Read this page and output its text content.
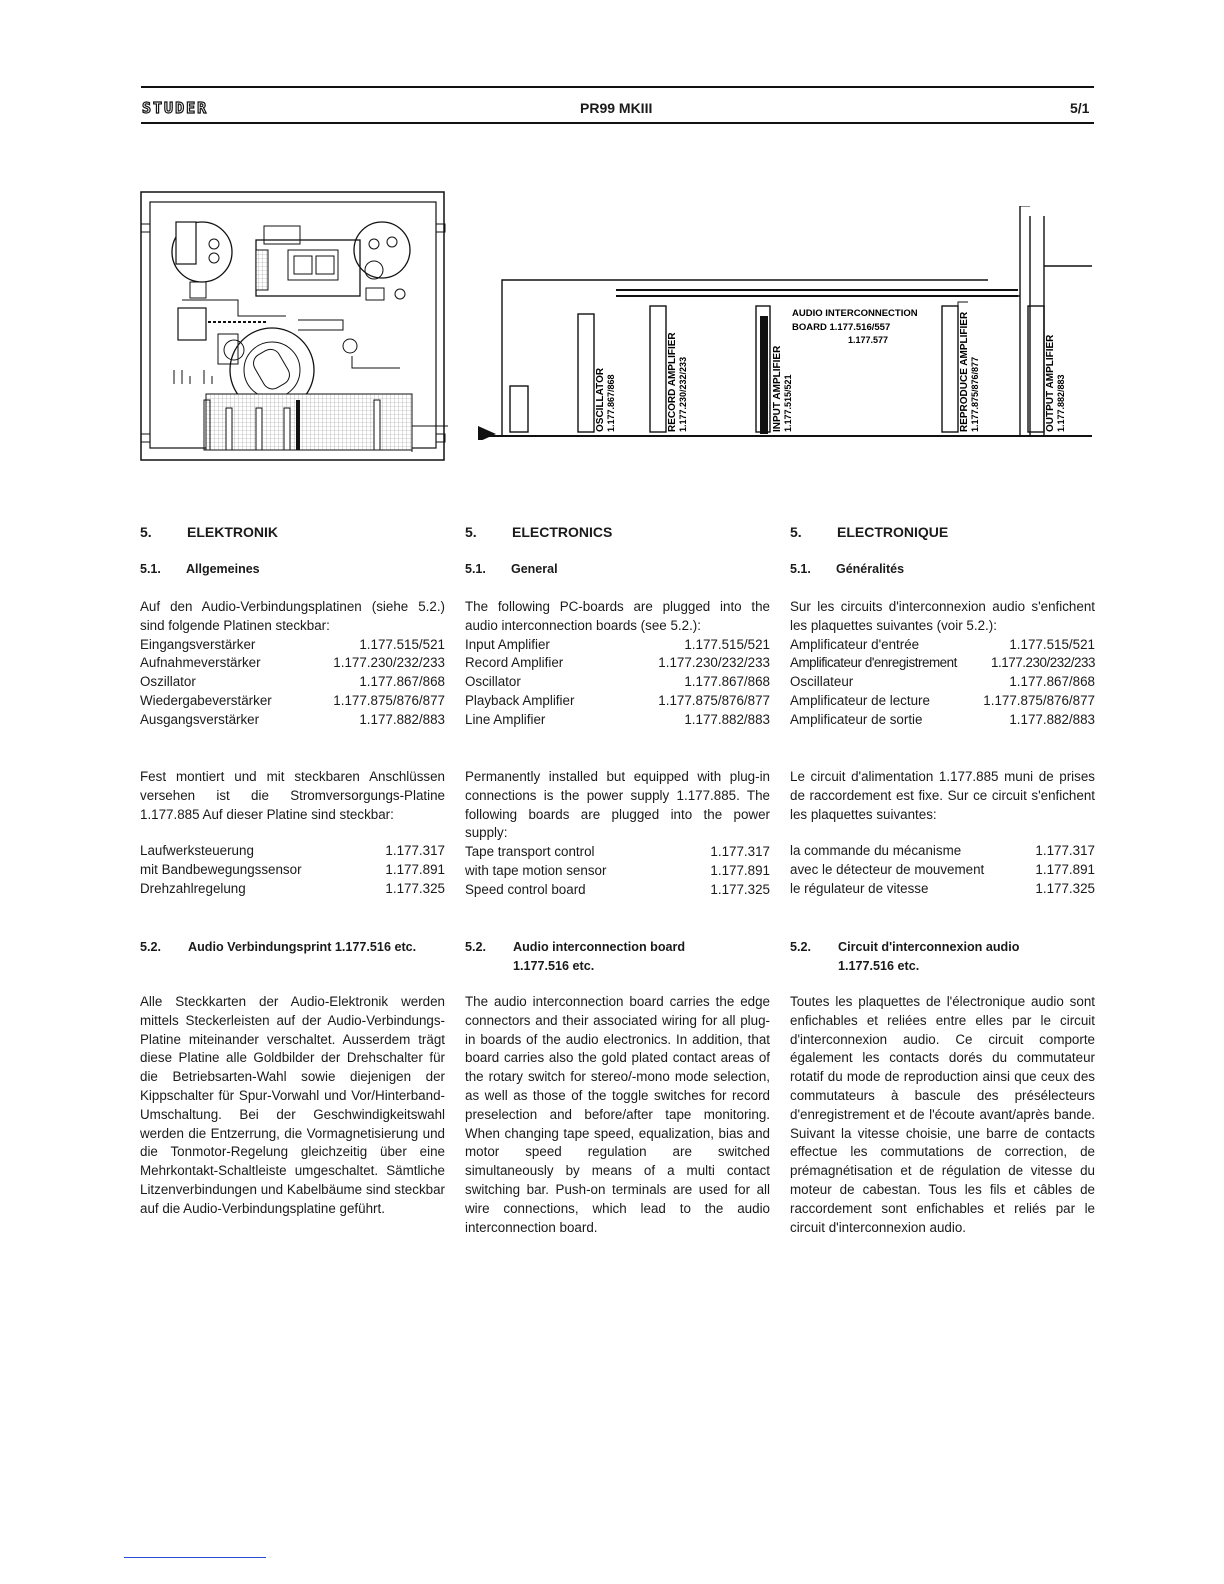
STUDER	PR99 MKIII	5/1
AUDIO INTERCONNECTION
BOARD 1.177.516/557
1.177.577
OSCILLATOR 1.177.867/868	RECORD AMPLIFIER 1.177.230/232/233	INPUT AMPLIFIER 1.177.515/521	REPRODUCE AMPLIFIER 1.177.875/876/877	OUTPUT AMPLIFIER 1.177.882/883
5.	ELEKTRONIK
5.1. Allgemeines

Auf den Audio-Verbindungsplatinen (siehe 5.2.) sind folgende Platinen steckbar:

Eingangsverstärker	1.177.515/521
Aufnahmeverstärker	1.177.230/232/233
Oszillator	1.177.867/868
Wiedergabeverstärker	1.177.875/876/877
Ausgangsverstärker	1.177.882/883

Fest montiert und mit steckbaren Anschlüssen versehen ist die Stromversorgungs-Platine 1.177.885 Auf dieser Platine sind steckbar:

Laufwerksteuerung	1.177.317
mit Bandbewegungssensor	1.177.891
Drehzahlregelung	1.177.325
5.2. Audio Verbindungsprint 1.177.516 etc.

Alle Steckkarten der Audio-Elektronik werden mittels Steckerleisten auf der Audio-Verbindungs-Platine miteinander verschaltet. Ausserdem trägt diese Platine alle Goldbilder der Drehschalter für die Betriebsarten-Wahl sowie diejenigen der Kippschalter für Spur-Vorwahl und Vor/Hinterband-Umschaltung. Bei der Geschwindigkeitswahl werden die Entzerrung, die Vormagnetisierung und die Tonmotor-Regelung gleichzeitig über eine Mehrkontakt-Schaltleiste umgeschaltet. Sämtliche Litzenverbindungen und Kabelbäume sind steckbar auf die Audio-Verbindungsplatine geführt.

5.	ELECTRONICS
5.1. General

The following PC-boards are plugged into the audio interconnection boards (see 5.2.):

Input Amplifier	1.177.515/521
Record Amplifier	1.177.230/232/233
Oscillator	1.177.867/868
Playback Amplifier	1.177.875/876/877
Line Amplifier	1.177.882/883

Permanently installed but equipped with plug-in connections is the power supply 1.177.885. The following boards are plugged into the power supply:

Tape transport control	1.177.317
with tape motion sensor	1.177.891
Speed control board	1.177.325
5.2. Audio interconnection board
1.177.516 etc.

The audio interconnection board carries the edge connectors and their associated wiring for all plug-in boards of the audio electronics. In addition, that board carries also the gold plated contact areas of the rotary switch for stereo/-mono mode selection, as well as those of the toggle switches for record preselection and before/after tape monitoring. When changing tape speed, equalization, bias and motor speed regulation are switched simultaneously by means of a multi contact switching bar. Push-on terminals are used for all wire connections, which lead to the audio interconnection board.

5.	ELECTRONIQUE
5.1. Généralités

Sur les circuits d'interconnexion audio s'enfichent les plaquettes suivantes (voir 5.2.):

Amplificateur d'entrée	1.177.515/521
Amplificateur d'enregistrement	1.177.230/232/233
Oscillateur	1.177.867/868
Amplificateur de lecture	1.177.875/876/877
Amplificateur de sortie	1.177.882/883

Le circuit d'alimentation 1.177.885 muni de prises de raccordement est fixe. Sur ce circuit s'enfichent les plaquettes suivantes:

la commande du mécanisme	1.177.317
avec le détecteur de mouvement	1.177.891
le régulateur de vitesse	1.177.325
5.2. Circuit d'interconnexion audio
1.177.516 etc.

Toutes les plaquettes de l'électronique audio sont enfichables et reliées entre elles par le circuit d'interconnexion audio. Ce circuit comporte également les contacts dorés du commutateur rotatif du mode de reproduction ainsi que ceux des commutateurs à bascule des présélecteurs d'enregistrement et de l'écoute avant/après bande. Suivant la vitesse choisie, une barre de contacts effectue les commutations de correction, de prémagnétisation et de régulation de vitesse du moteur de cabestan. Tous les fils et câbles de raccordement sont enfichables et reliés par le circuit d'interconnexion audio.
